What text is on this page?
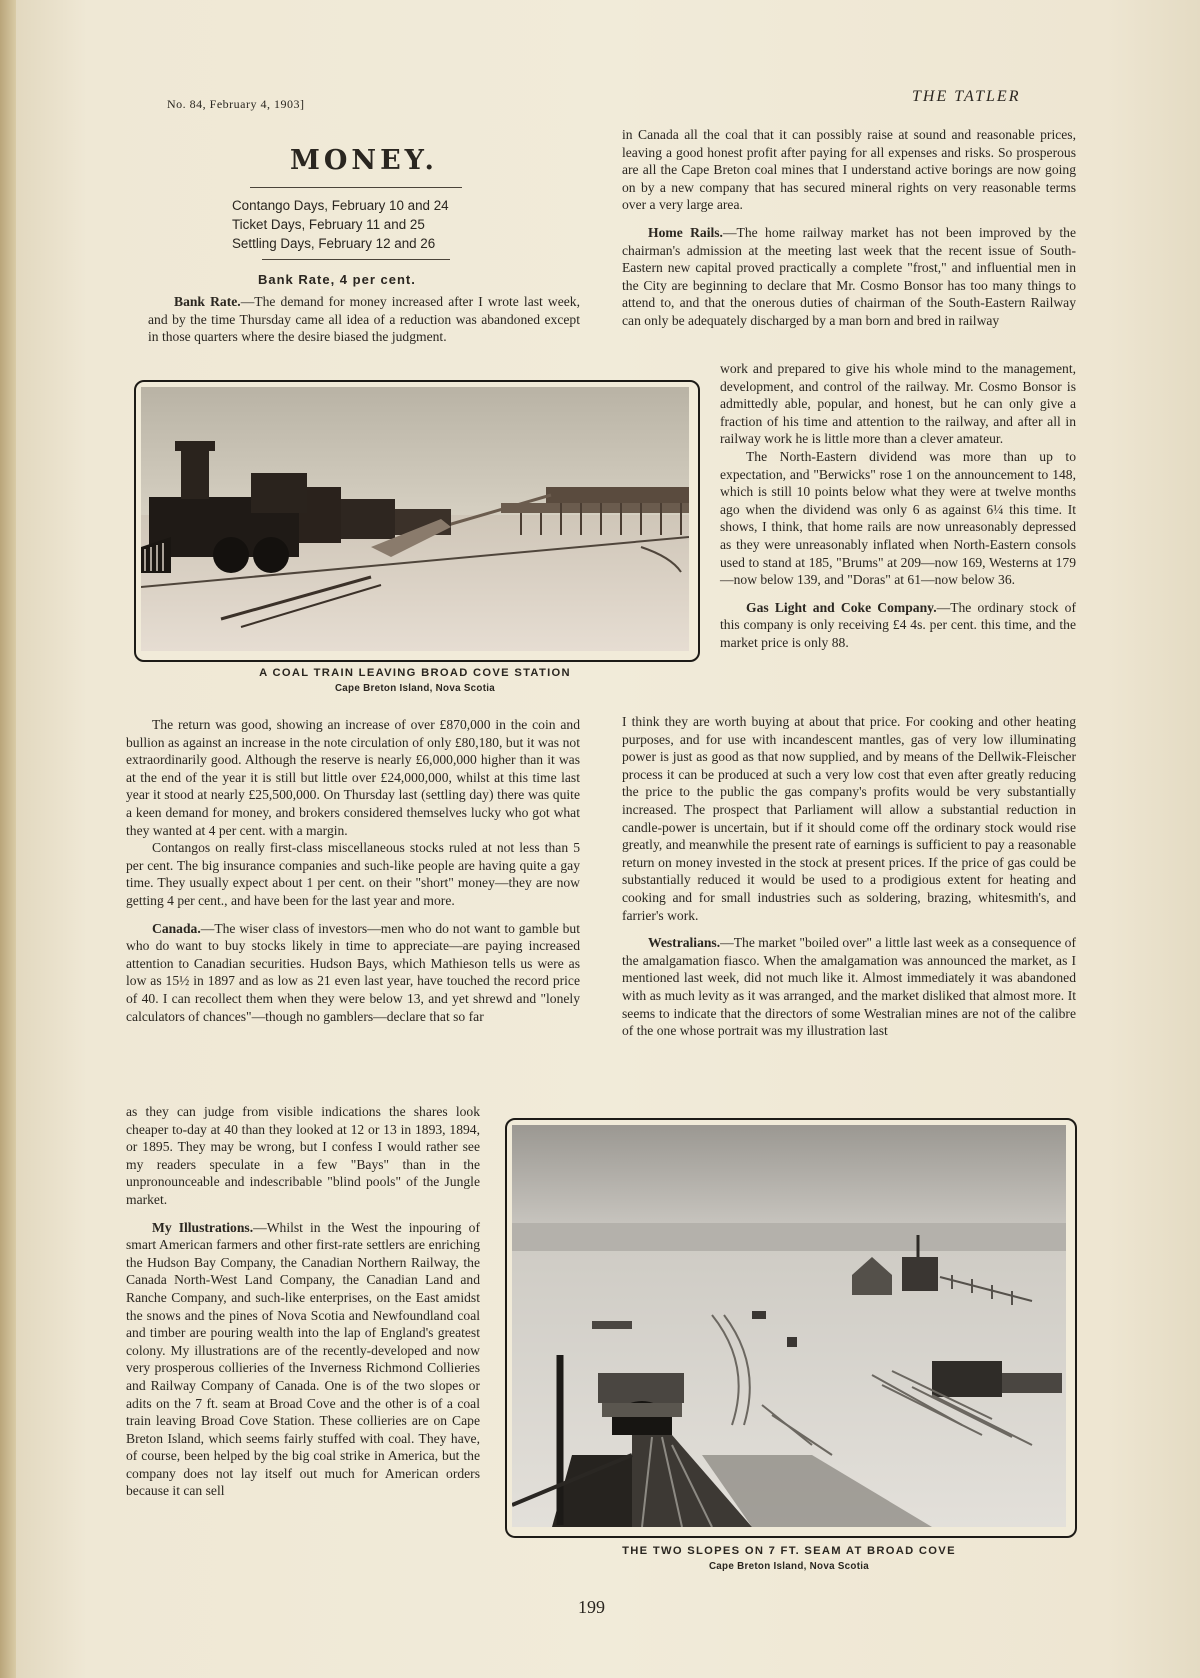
No. 84, February 4, 1903]	THE TATLER
MONEY.
Contango Days, February 10 and 24
Ticket Days, February 11 and 25
Settling Days, February 12 and 26
Bank Rate, 4 per cent.

Bank Rate.—The demand for money increased after I wrote last week, and by the time Thursday came all idea of a reduction was abandoned except in those quarters where the desire biased the judgment.

A COAL TRAIN LEAVING BROAD COVE STATION
Cape Breton Island, Nova Scotia

The return was good, showing an increase of over £870,000 in the coin and bullion as against an increase in the note circulation of only £80,180, but it was not extraordinarily good. Although the reserve is nearly £6,000,000 higher than it was at the end of the year it is still but little over £24,000,000, whilst at this time last year it stood at nearly £25,500,000. On Thursday last (settling day) there was quite a keen demand for money, and brokers considered themselves lucky who got what they wanted at 4 per cent. with a margin.

Contangos on really first-class miscellaneous stocks ruled at not less than 5 per cent. The big insurance companies and such-like people are having quite a gay time. They usually expect about 1 per cent. on their "short" money—they are now getting 4 per cent., and have been for the last year and more.

Canada.—The wiser class of investors—men who do not want to gamble but who do want to buy stocks likely in time to appreciate—are paying increased attention to Canadian securities. Hudson Bays, which Mathieson tells us were as low as 15½ in 1897 and as low as 21 even last year, have touched the record price of 40. I can recollect them when they were below 13, and yet shrewd and "lonely calculators of chances"—though no gamblers—declare that so far

as they can judge from visible indications the shares look cheaper to-day at 40 than they looked at 12 or 13 in 1893, 1894, or 1895. They may be wrong, but I confess I would rather see my readers speculate in a few "Bays" than in the unpronounceable and indescribable "blind pools" of the Jungle market.

My Illustrations.—Whilst in the West the inpouring of smart American farmers and other first-rate settlers are enriching the Hudson Bay Company, the Canadian Northern Railway, the Canada North-West Land Company, the Canadian Land and Ranche Company, and such-like enterprises, on the East amidst the snows and the pines of Nova Scotia and Newfoundland coal and timber are pouring wealth into the lap of England's greatest colony. My illustrations are of the recently-developed and now very prosperous collieries of the Inverness Richmond Collieries and Railway Company of Canada. One is of the two slopes or adits on the 7 ft. seam at Broad Cove and the other is of a coal train leaving Broad Cove Station. These collieries are on Cape Breton Island, which seems fairly stuffed with coal. They have, of course, been helped by the big coal strike in America, but the company does not lay itself out much for American orders because it can sell

in Canada all the coal that it can possibly raise at sound and reasonable prices, leaving a good honest profit after paying for all expenses and risks. So prosperous are all the Cape Breton coal mines that I understand active borings are now going on by a new company that has secured mineral rights on very reasonable terms over a very large area.

Home Rails.—The home railway market has not been improved by the chairman's admission at the meeting last week that the recent issue of South-Eastern new capital proved practically a complete "frost," and influential men in the City are beginning to declare that Mr. Cosmo Bonsor has too many things to attend to, and that the onerous duties of chairman of the South-Eastern Railway can only be adequately discharged by a man born and bred in railway

work and prepared to give his whole mind to the management, development, and control of the railway. Mr. Cosmo Bonsor is admittedly able, popular, and honest, but he can only give a fraction of his time and attention to the railway, and after all in railway work he is little more than a clever amateur.

The North-Eastern dividend was more than up to expectation, and "Berwicks" rose 1 on the announcement to 148, which is still 10 points below what they were at twelve months ago when the dividend was only 6 as against 6¼ this time. It shows, I think, that home rails are now unreasonably depressed as they were unreasonably inflated when North-Eastern consols used to stand at 185, "Brums" at 209—now 169, Westerns at 179—now below 139, and "Doras" at 61—now below 36.

Gas Light and Coke Company.—The ordinary stock of this company is only receiving £4 4s. per cent. this time, and the market price is only 88.

I think they are worth buying at about that price. For cooking and other heating purposes, and for use with incandescent mantles, gas of very low illuminating power is just as good as that now supplied, and by means of the Dellwik-Fleischer process it can be produced at such a very low cost that even after greatly reducing the price to the public the gas company's profits would be very substantially increased. The prospect that Parliament will allow a substantial reduction in candle-power is uncertain, but if it should come off the ordinary stock would rise greatly, and meanwhile the present rate of earnings is sufficient to pay a reasonable return on money invested in the stock at present prices. If the price of gas could be substantially reduced it would be used to a prodigious extent for heating and cooking and for small industries such as soldering, brazing, whitesmith's, and farrier's work.

Westralians.—The market "boiled over" a little last week as a consequence of the amalgamation fiasco. When the amalgamation was announced the market, as I mentioned last week, did not much like it. Almost immediately it was abandoned with as much levity as it was arranged, and the market disliked that almost more. It seems to indicate that the directors of some Westralian mines are not of the calibre of the one whose portrait was my illustration last

THE TWO SLOPES ON 7 FT. SEAM AT BROAD COVE
Cape Breton Island, Nova Scotia
199
